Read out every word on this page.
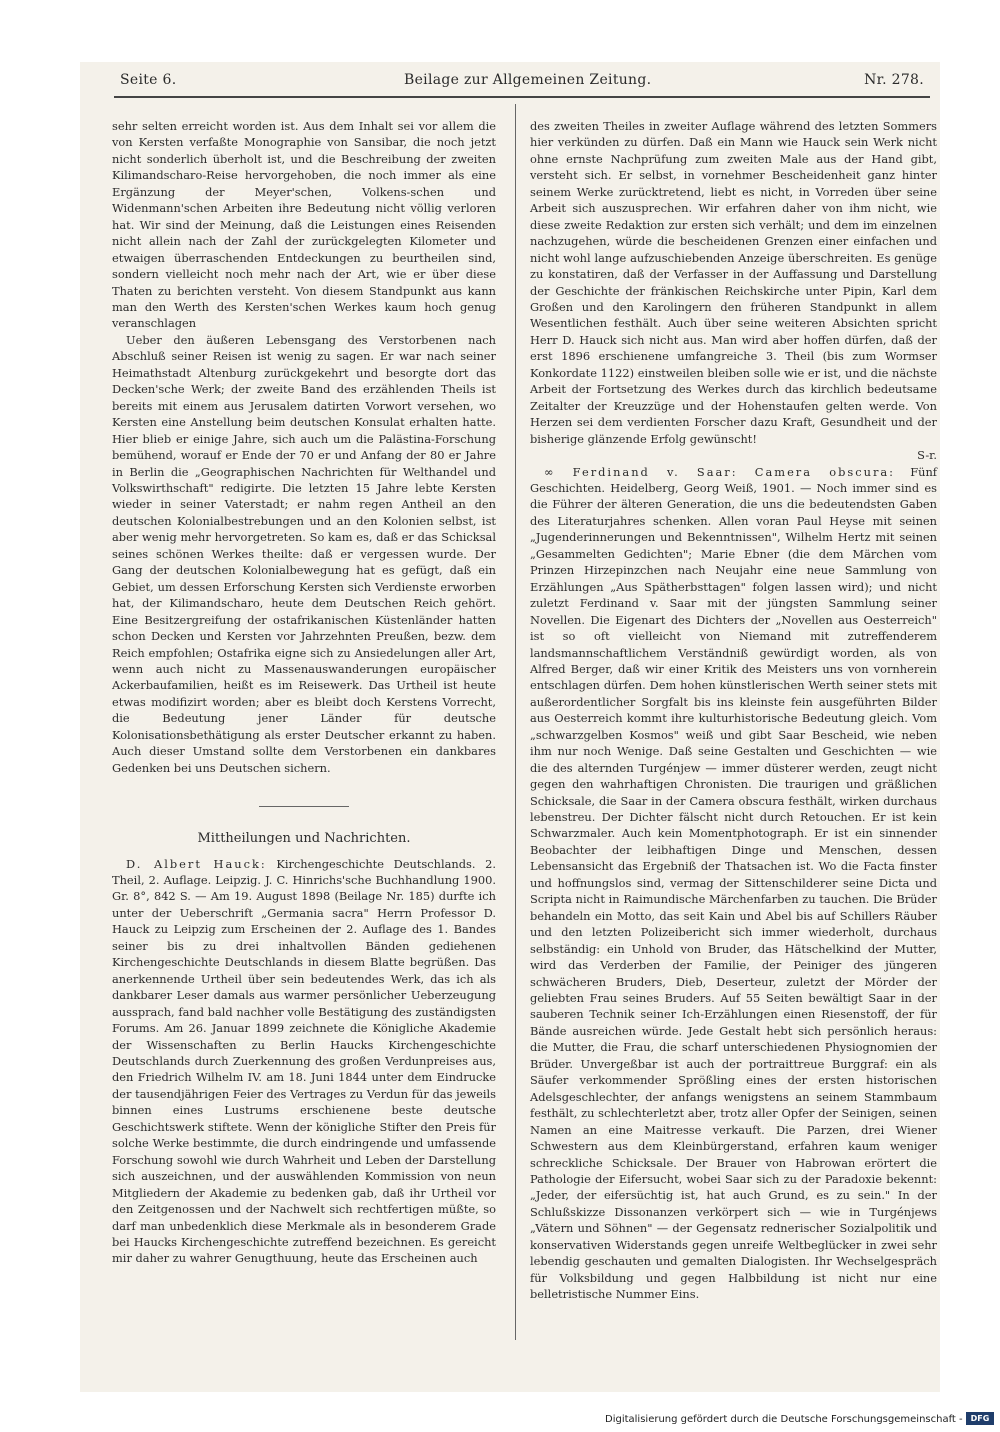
Seite 6.	Beilage zur Allgemeinen Zeitung.	Nr. 278.

sehr selten erreicht worden ist. Aus dem Inhalt sei vor allem die von Kersten verfaßte Monographie von Sansibar, die noch jetzt nicht sonderlich überholt ist, und die Beschreibung der zweiten Kilimandscharo-Reise hervorgehoben, die noch immer als eine Ergänzung der Meyer'schen, Volkens-schen und Widenmann'schen Arbeiten ihre Bedeutung nicht völlig verloren hat. Wir sind der Meinung, daß die Leistungen eines Reisenden nicht allein nach der Zahl der zurückgelegten Kilometer und etwaigen überraschenden Entdeckungen zu beurtheilen sind, sondern vielleicht noch mehr nach der Art, wie er über diese Thaten zu berichten versteht. Von diesem Standpunkt aus kann man den Werth des Kersten'schen Werkes kaum hoch genug veranschlagen

Ueber den äußeren Lebensgang des Verstorbenen nach Abschluß seiner Reisen ist wenig zu sagen. Er war nach seiner Heimathstadt Altenburg zurückgekehrt und besorgte dort das Decken'sche Werk; der zweite Band des erzählenden Theils ist bereits mit einem aus Jerusalem datirten Vorwort versehen, wo Kersten eine Anstellung beim deutschen Konsulat erhalten hatte. Hier blieb er einige Jahre, sich auch um die Palästina-Forschung bemühend, worauf er Ende der 70 er und Anfang der 80 er Jahre in Berlin die „Geographischen Nachrichten für Welthandel und Volkswirthschaft" redigirte. Die letzten 15 Jahre lebte Kersten wieder in seiner Vaterstadt; er nahm regen Antheil an den deutschen Kolonialbestrebungen und an den Kolonien selbst, ist aber wenig mehr hervorgetreten. So kam es, daß er das Schicksal seines schönen Werkes theilte: daß er vergessen wurde. Der Gang der deutschen Kolonialbewegung hat es gefügt, daß ein Gebiet, um dessen Erforschung Kersten sich Verdienste erworben hat, der Kilimandscharo, heute dem Deutschen Reich gehört. Eine Besitzergreifung der ostafrikanischen Küstenländer hatten schon Decken und Kersten vor Jahrzehnten Preußen, bezw. dem Reich empfohlen; Ostafrika eigne sich zu Ansiedelungen aller Art, wenn auch nicht zu Massenauswanderungen europäischer Ackerbaufamilien, heißt es im Reisewerk. Das Urtheil ist heute etwas modifizirt worden; aber es bleibt doch Kerstens Vorrecht, die Bedeutung jener Länder für deutsche Kolonisationsbethätigung als erster Deutscher erkannt zu haben. Auch dieser Umstand sollte dem Verstorbenen ein dankbares Gedenken bei uns Deutschen sichern.

Mittheilungen und Nachrichten.

D. Albert Hauck: Kirchengeschichte Deutschlands. 2. Theil, 2. Auflage. Leipzig. J. C. Hinrichs'sche Buchhandlung 1900. Gr. 8°, 842 S. — Am 19. August 1898 (Beilage Nr. 185) durfte ich unter der Ueberschrift „Germania sacra" Herrn Professor D. Hauck zu Leipzig zum Erscheinen der 2. Auflage des 1. Bandes seiner bis zu drei inhaltvollen Bänden gediehenen Kirchengeschichte Deutschlands in diesem Blatte begrüßen. Das anerkennende Urtheil über sein bedeutendes Werk, das ich als dankbarer Leser damals aus warmer persönlicher Ueberzeugung aussprach, fand bald nachher volle Bestätigung des zuständigsten Forums. Am 26. Januar 1899 zeichnete die Königliche Akademie der Wissenschaften zu Berlin Haucks Kirchengeschichte Deutschlands durch Zuerkennung des großen Verdunpreises aus, den Friedrich Wilhelm IV. am 18. Juni 1844 unter dem Eindrucke der tausendjährigen Feier des Vertrages zu Verdun für das jeweils binnen eines Lustrums erschienene beste deutsche Geschichtswerk stiftete. Wenn der königliche Stifter den Preis für solche Werke bestimmte, die durch eindringende und umfassende Forschung sowohl wie durch Wahrheit und Leben der Darstellung sich auszeichnen, und der auswählenden Kommission von neun Mitgliedern der Akademie zu bedenken gab, daß ihr Urtheil vor den Zeitgenossen und der Nachwelt sich rechtfertigen müßte, so darf man unbedenklich diese Merkmale als in besonderem Grade bei Haucks Kirchengeschichte zutreffend bezeichnen. Es gereicht mir daher zu wahrer Genugthuung, heute das Erscheinen auch

des zweiten Theiles in zweiter Auflage während des letzten Sommers hier verkünden zu dürfen. Daß ein Mann wie Hauck sein Werk nicht ohne ernste Nachprüfung zum zweiten Male aus der Hand gibt, versteht sich. Er selbst, in vornehmer Bescheidenheit ganz hinter seinem Werke zurücktretend, liebt es nicht, in Vorreden über seine Arbeit sich auszusprechen. Wir erfahren daher von ihm nicht, wie diese zweite Redaktion zur ersten sich verhält; und dem im einzelnen nachzugehen, würde die bescheidenen Grenzen einer einfachen und nicht wohl lange aufzuschiebenden Anzeige überschreiten. Es genüge zu konstatiren, daß der Verfasser in der Auffassung und Darstellung der Geschichte der fränkischen Reichskirche unter Pipin, Karl dem Großen und den Karolingern den früheren Standpunkt in allem Wesentlichen festhält. Auch über seine weiteren Absichten spricht Herr D. Hauck sich nicht aus. Man wird aber hoffen dürfen, daß der erst 1896 erschienene umfangreiche 3. Theil (bis zum Wormser Konkordate 1122) einstweilen bleiben solle wie er ist, und die nächste Arbeit der Fortsetzung des Werkes durch das kirchlich bedeutsame Zeitalter der Kreuzzüge und der Hohenstaufen gelten werde. Von Herzen sei dem verdienten Forscher dazu Kraft, Gesundheit und der bisherige glänzende Erfolg gewünscht!

S-r.

∞ Ferdinand v. Saar: Camera obscura: Fünf Geschichten. Heidelberg, Georg Weiß, 1901. — Noch immer sind es die Führer der älteren Generation, die uns die bedeutendsten Gaben des Literaturjahres schenken. Allen voran Paul Heyse mit seinen „Jugenderinnerungen und Bekenntnissen", Wilhelm Hertz mit seinen „Gesammelten Gedichten"; Marie Ebner (die dem Märchen vom Prinzen Hirzepinzchen nach Neujahr eine neue Sammlung von Erzählungen „Aus Spätherbsttagen" folgen lassen wird); und nicht zuletzt Ferdinand v. Saar mit der jüngsten Sammlung seiner Novellen. Die Eigenart des Dichters der „Novellen aus Oesterreich" ist so oft vielleicht von Niemand mit zutreffenderem landsmannschaftlichem Verständniß gewürdigt worden, als von Alfred Berger, daß wir einer Kritik des Meisters uns von vornherein entschlagen dürfen. Dem hohen künstlerischen Werth seiner stets mit außerordentlicher Sorgfalt bis ins kleinste fein ausgeführten Bilder aus Oesterreich kommt ihre kulturhistorische Bedeutung gleich. Vom „schwarzgelben Kosmos" weiß und gibt Saar Bescheid, wie neben ihm nur noch Wenige. Daß seine Gestalten und Geschichten — wie die des alternden Turgénjew — immer düsterer werden, zeugt nicht gegen den wahrhaftigen Chronisten. Die traurigen und gräßlichen Schicksale, die Saar in der Camera obscura festhält, wirken durchaus lebenstreu. Der Dichter fälscht nicht durch Retouchen. Er ist kein Schwarzmaler. Auch kein Momentphotograph. Er ist ein sinnender Beobachter der leibhaftigen Dinge und Menschen, dessen Lebensansicht das Ergebniß der Thatsachen ist. Wo die Facta finster und hoffnungslos sind, vermag der Sittenschilderer seine Dicta und Scripta nicht in Raimundische Märchenfarben zu tauchen. Die Brüder behandeln ein Motto, das seit Kain und Abel bis auf Schillers Räuber und den letzten Polizeibericht sich immer wiederholt, durchaus selbständig: ein Unhold von Bruder, das Hätschelkind der Mutter, wird das Verderben der Familie, der Peiniger des jüngeren schwächeren Bruders, Dieb, Deserteur, zuletzt der Mörder der geliebten Frau seines Bruders. Auf 55 Seiten bewältigt Saar in der sauberen Technik seiner Ich-Erzählungen einen Riesenstoff, der für Bände ausreichen würde. Jede Gestalt hebt sich persönlich heraus: die Mutter, die Frau, die scharf unterschiedenen Physiognomien der Brüder. Unvergeßbar ist auch der portraittreue Burggraf: ein als Säufer verkommender Sprößling eines der ersten historischen Adelsgeschlechter, der anfangs wenigstens an seinem Stammbaum festhält, zu schlechterletzt aber, trotz aller Opfer der Seinigen, seinen Namen an eine Maitresse verkauft. Die Parzen, drei Wiener Schwestern aus dem Kleinbürgerstand, erfahren kaum weniger schreckliche Schicksale. Der Brauer von Habrowan erörtert die Pathologie der Eifersucht, wobei Saar sich zu der Paradoxie bekennt: „Jeder, der eifersüchtig ist, hat auch Grund, es zu sein." In der Schlußskizze Dissonanzen verkörpert sich — wie in Turgénjews „Vätern und Söhnen" — der Gegensatz rednerischer Sozialpolitik und konservativen Widerstands gegen unreife Weltbeglücker in zwei sehr lebendig geschauten und gemalten Dialogisten. Ihr Wechselgespräch für Volksbildung und gegen Halbbildung ist nicht nur eine belletristische Nummer Eins.

Digitalisierung gefördert durch die Deutsche Forschungsgemeinschaft -	DFG
